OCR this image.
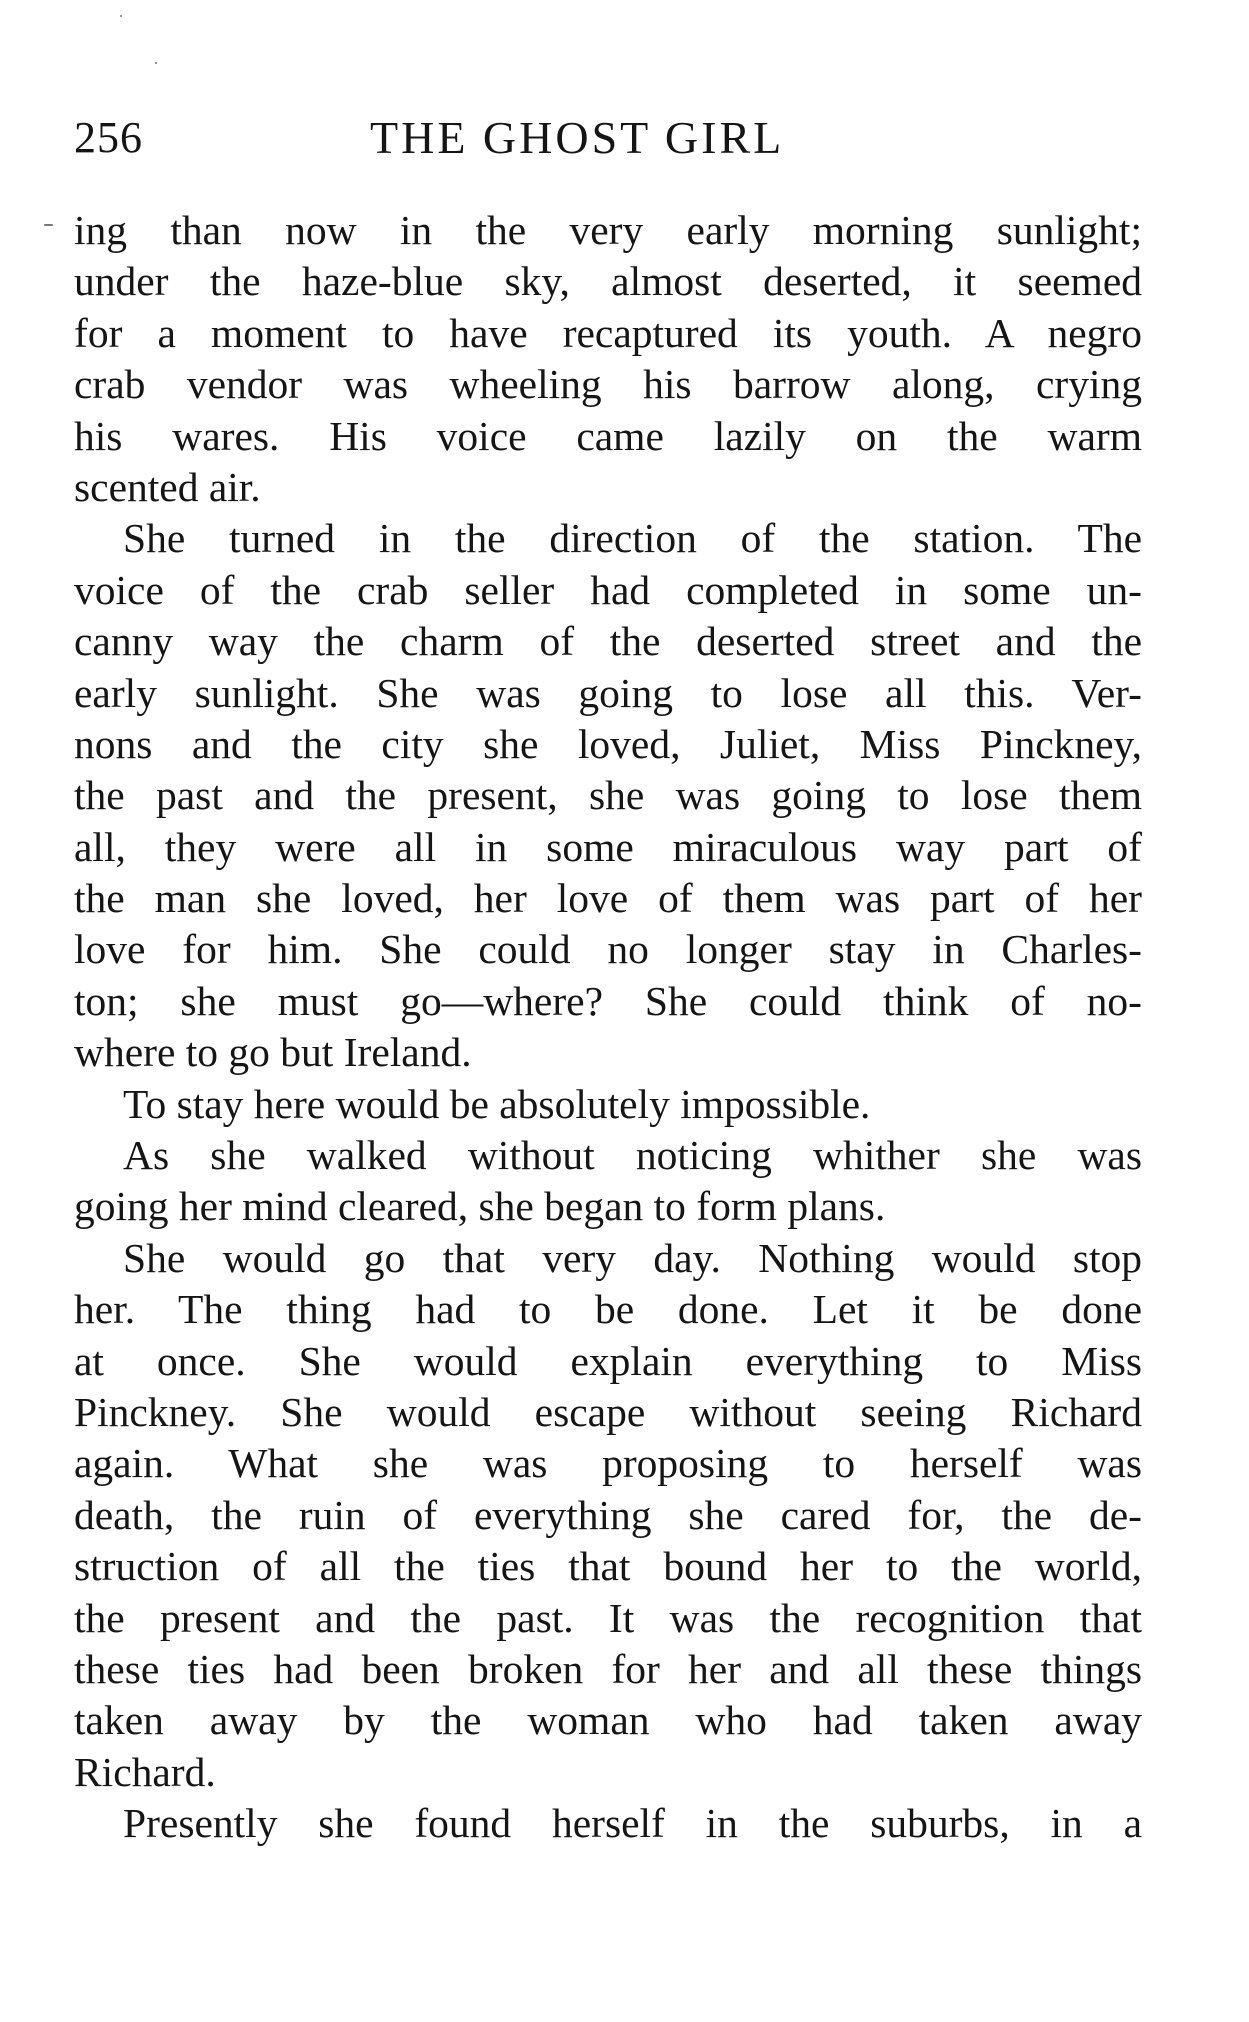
256	THE GHOST GIRL
ing than now in the very early morning sunlight;
under the haze-blue sky, almost deserted, it seemed
for a moment to have recaptured its youth. A negro
crab vendor was wheeling his barrow along, crying
his wares. His voice came lazily on the warm
scented air.
She turned in the direction of the station. The
voice of the crab seller had completed in some un-
canny way the charm of the deserted street and the
early sunlight. She was going to lose all this. Ver-
nons and the city she loved, Juliet, Miss Pinckney,
the past and the present, she was going to lose them
all, they were all in some miraculous way part of
the man she loved, her love of them was part of her
love for him. She could no longer stay in Charles-
ton; she must go—where? She could think of no-
where to go but Ireland.
To stay here would be absolutely impossible.
As she walked without noticing whither she was
going her mind cleared, she began to form plans.
She would go that very day. Nothing would stop
her. The thing had to be done. Let it be done
at once. She would explain everything to Miss
Pinckney. She would escape without seeing Richard
again. What she was proposing to herself was
death, the ruin of everything she cared for, the de-
struction of all the ties that bound her to the world,
the present and the past. It was the recognition that
these ties had been broken for her and all these things
taken away by the woman who had taken away
Richard.
Presently she found herself in the suburbs, in a
